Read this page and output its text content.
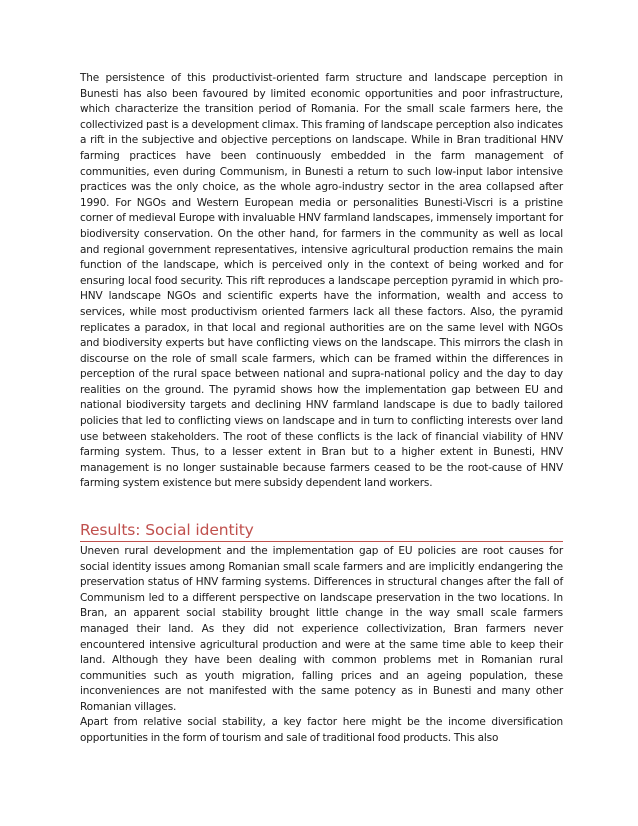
The persistence of this productivist-oriented farm structure and landscape perception in Bunesti has also been favoured by limited economic opportunities and poor infrastructure, which characterize the transition period of Romania. For the small scale farmers here, the collectivized past is a development climax. This framing of landscape perception also indicates a rift in the subjective and objective perceptions on landscape. While in Bran traditional HNV farming practices have been continuously embedded in the farm management of communities, even during Communism, in Bunesti a return to such low-input labor intensive practices was the only choice, as the whole agro-industry sector in the area collapsed after 1990. For NGOs and Western European media or personalities Bunesti-Viscri is a pristine corner of medieval Europe with invaluable HNV farmland landscapes, immensely important for biodiversity conservation. On the other hand, for farmers in the community as well as local and regional government representatives, intensive agricultural production remains the main function of the landscape, which is perceived only in the context of being worked and for ensuring local food security. This rift reproduces a landscape perception pyramid in which pro-HNV landscape NGOs and scientific experts have the information, wealth and access to services, while most productivism oriented farmers lack all these factors. Also, the pyramid replicates a paradox, in that local and regional authorities are on the same level with NGOs and biodiversity experts but have conflicting views on the landscape. This mirrors the clash in discourse on the role of small scale farmers, which can be framed within the differences in perception of the rural space between national and supra-national policy and the day to day realities on the ground. The pyramid shows how the implementation gap between EU and national biodiversity targets and declining HNV farmland landscape is due to badly tailored policies that led to conflicting views on landscape and in turn to conflicting interests over land use between stakeholders. The root of these conflicts is the lack of financial viability of HNV farming system. Thus, to a lesser extent in Bran but to a higher extent in Bunesti, HNV management is no longer sustainable because farmers ceased to be the root-cause of HNV farming system existence but mere subsidy dependent land workers.

Results: Social identity

Uneven rural development and the implementation gap of EU policies are root causes for social identity issues among Romanian small scale farmers and are implicitly endangering the preservation status of HNV farming systems. Differences in structural changes after the fall of Communism led to a different perspective on landscape preservation in the two locations. In Bran, an apparent social stability brought little change in the way small scale farmers managed their land. As they did not experience collectivization, Bran farmers never encountered intensive agricultural production and were at the same time able to keep their land. Although they have been dealing with common problems met in Romanian rural communities such as youth migration, falling prices and an ageing population, these inconveniences are not manifested with the same potency as in Bunesti and many other Romanian villages.

Apart from relative social stability, a key factor here might be the income diversification opportunities in the form of tourism and sale of traditional food products. This also
